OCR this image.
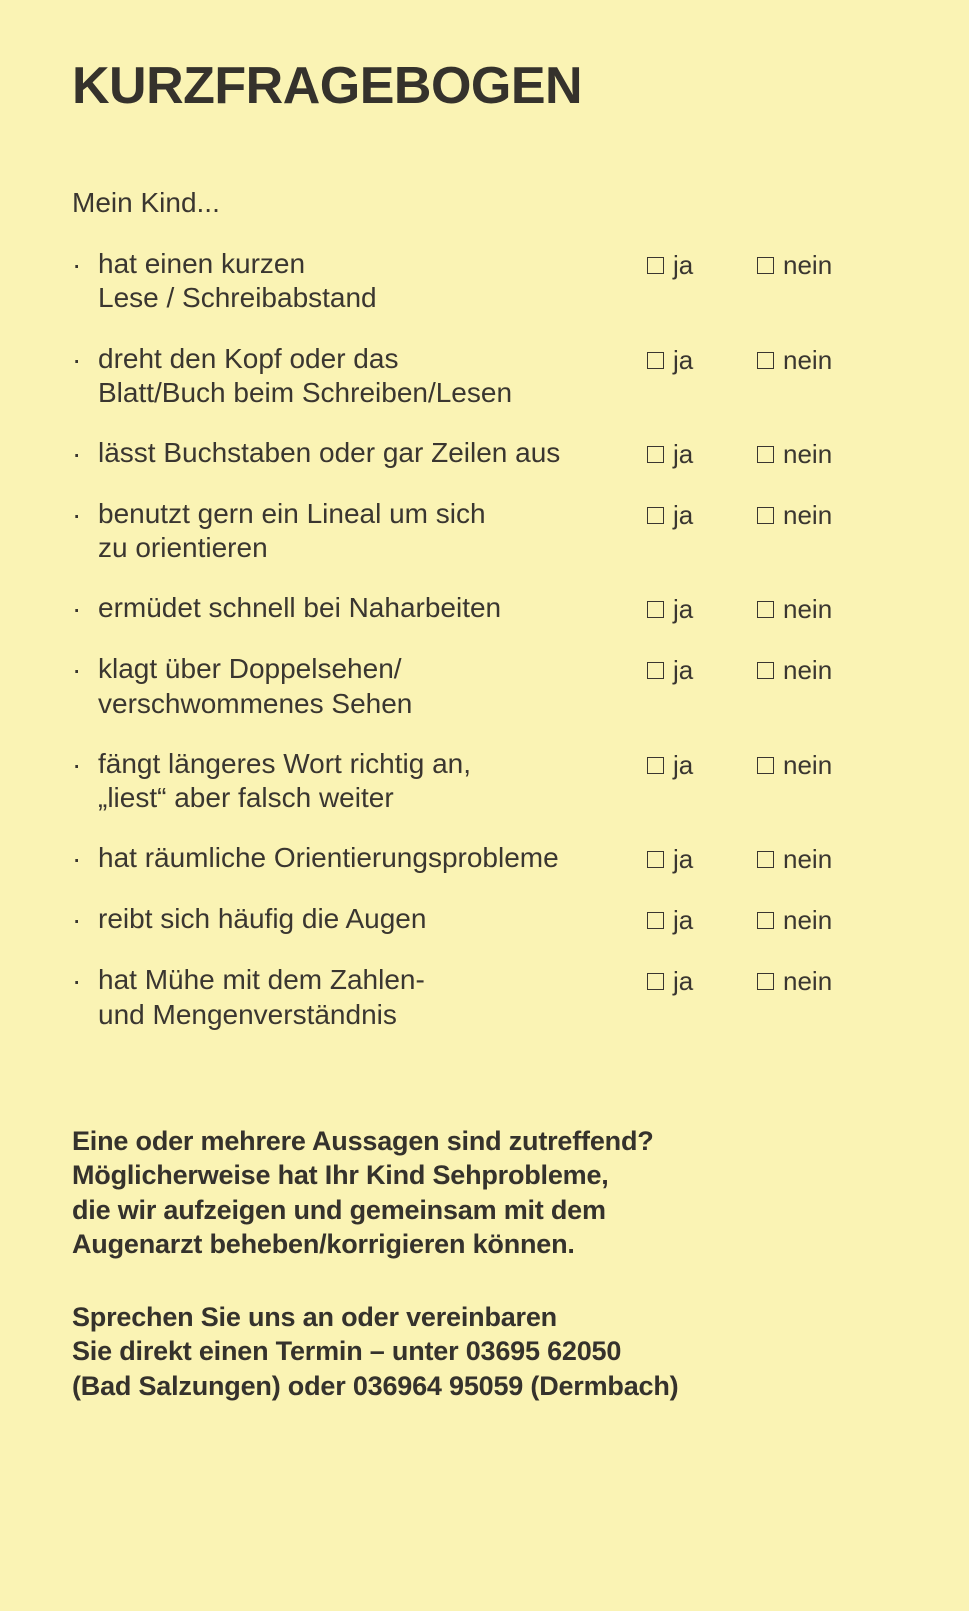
KURZFRAGEBOGEN

Mein Kind...

· hat einen kurzen
Lese / Schreibabstand
ja	nein
· dreht den Kopf oder das
Blatt/Buch beim Schreiben/Lesen
ja	nein
· lässt Buchstaben oder gar Zeilen aus	ja	nein
· benutzt gern ein Lineal um sich
zu orientieren
ja	nein
· ermüdet schnell bei Naharbeiten	ja	nein
· klagt über Doppelsehen/
verschwommenes Sehen
ja	nein
· fängt längeres Wort richtig an,
„liest“ aber falsch weiter
ja	nein
· hat räumliche Orientierungsprobleme	ja	nein
· reibt sich häufig die Augen	ja	nein
· hat Mühe mit dem Zahlen-
und Mengenverständnis
ja	nein

Eine oder mehrere Aussagen sind zutreffend?
Möglicherweise hat Ihr Kind Sehprobleme,
die wir aufzeigen und gemeinsam mit dem
Augenarzt beheben/korrigieren können.

Sprechen Sie uns an oder vereinbaren
Sie direkt einen Termin – unter 03695 62050
(Bad Salzungen) oder 036964 95059 (Dermbach)
